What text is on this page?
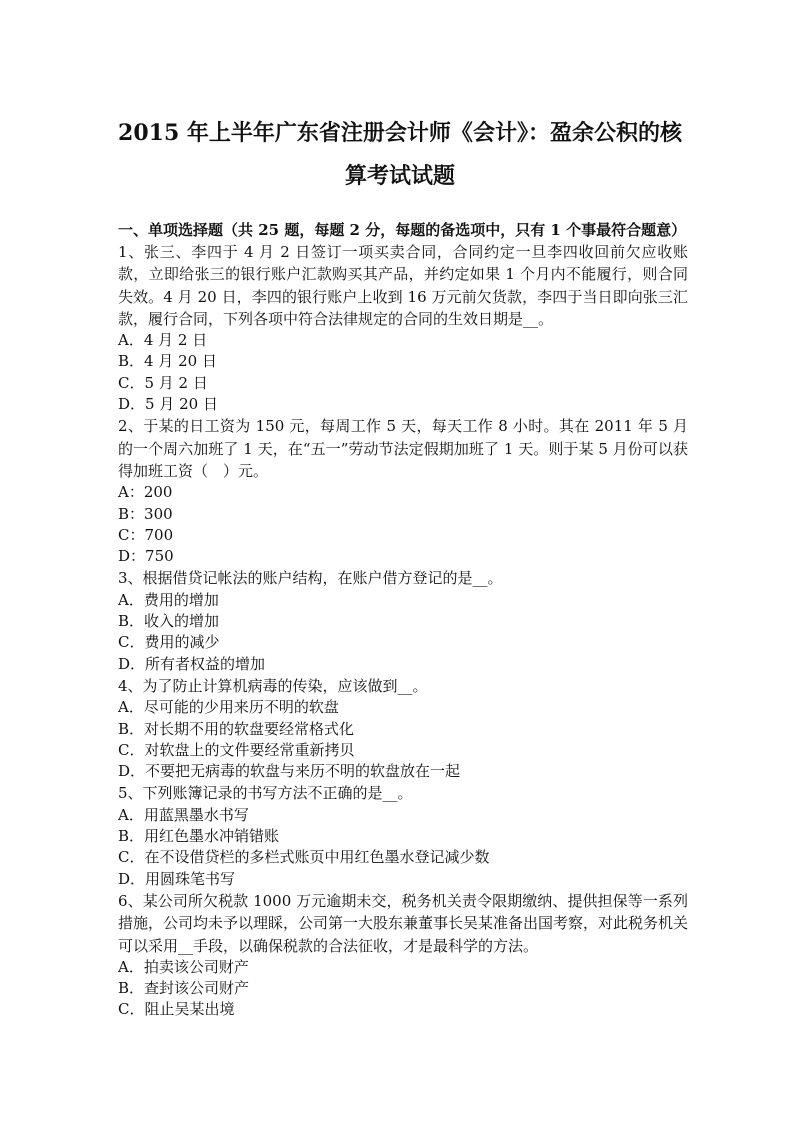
2015 年上半年广东省注册会计师《会计》：盈余公积的核
算考试试题

一、单项选择题（共 25 题，每题 2 分，每题的备选项中，只有 1 个事最符合题意）

1、张三、李四于 4 月 2 日签订一项买卖合同，合同约定一旦李四收回前欠应收账款，立即给张三的银行账户汇款购买其产品，并约定如果 1 个月内不能履行，则合同失效。4 月 20 日，李四的银行账户上收到 16 万元前欠货款，李四于当日即向张三汇款，履行合同，下列各项中符合法律规定的合同的生效日期是__。

A．4 月 2 日

B．4 月 20 日

C．5 月 2 日

D．5 月 20 日

2、于某的日工资为 150 元，每周工作 5 天，每天工作 8 小时。其在 2011 年 5 月的一个周六加班了 1 天，在“五一”劳动节法定假期加班了 1 天。则于某 5 月份可以获得加班工资（　）元。

A：200

B：300

C：700

D：750

3、根据借贷记帐法的账户结构，在账户借方登记的是__。

A．费用的增加

B．收入的增加

C．费用的减少

D．所有者权益的增加

4、为了防止计算机病毒的传染，应该做到__。

A．尽可能的少用来历不明的软盘

B．对长期不用的软盘要经常格式化

C．对软盘上的文件要经常重新拷贝

D．不要把无病毒的软盘与来历不明的软盘放在一起

5、下列账簿记录的书写方法不正确的是__。

A．用蓝黑墨水书写

B．用红色墨水冲销错账

C．在不设借贷栏的多栏式账页中用红色墨水登记减少数

D．用圆珠笔书写

6、某公司所欠税款 1000 万元逾期未交，税务机关责令限期缴纳、提供担保等一系列措施，公司均未予以理睬，公司第一大股东兼董事长吴某准备出国考察，对此税务机关可以采用__手段，以确保税款的合法征收，才是最科学的方法。

A．拍卖该公司财产

B．查封该公司财产

C．阻止吴某出境
